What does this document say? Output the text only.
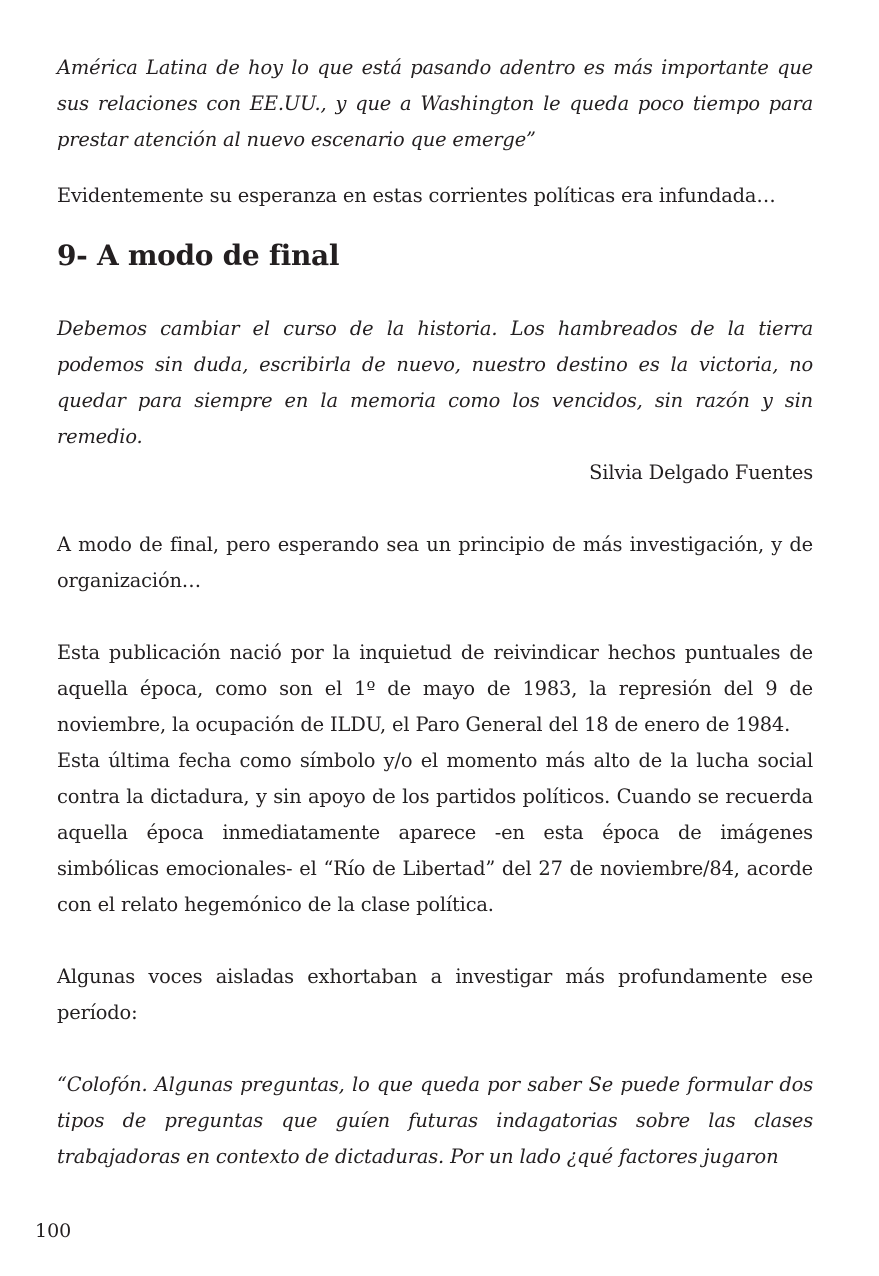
América Latina de hoy lo que está pasando adentro es más importante que sus relaciones con EE.UU., y que a Washington le queda poco tiempo para prestar atención al nuevo escenario que emerge”

Evidentemente su esperanza en estas corrientes políticas era infundada…

9- A modo de final

Debemos cambiar el curso de la historia. Los hambreados de la tierra podemos sin duda, escribirla de nuevo, nuestro destino es la victoria, no quedar para siempre en la memoria como los vencidos, sin razón y sin remedio.

Silvia Delgado Fuentes

A modo de final, pero esperando sea un principio de más investigación, y de organización…

Esta publicación nació por la inquietud de reivindicar hechos puntuales de aquella época, como son el 1º de mayo de 1983, la represión del 9 de noviembre, la ocupación de ILDU, el Paro General del 18 de enero de 1984.

Esta última fecha como símbolo y/o el momento más alto de la lucha social contra la dictadura, y sin apoyo de los partidos políticos. Cuando se recuerda aquella época inmediatamente aparece -en esta época de imágenes simbólicas emocionales- el “Río de Libertad” del 27 de noviembre/84, acorde con el relato hegemónico de la clase política.

Algunas voces aisladas exhortaban a investigar más profundamente ese período:

“Colofón. Algunas preguntas, lo que queda por saber Se puede formular dos tipos de preguntas que guíen futuras indagatorias sobre las clases trabajadoras en contexto de dictaduras. Por un lado ¿qué factores jugaron

100
